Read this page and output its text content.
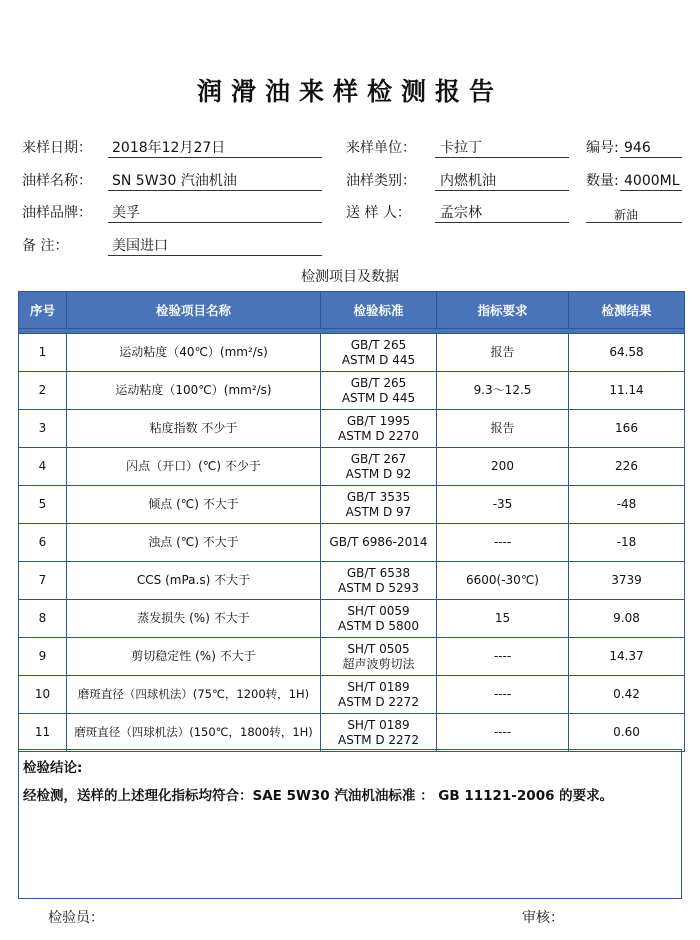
润滑油来样检测报告
来样日期： 2018年12月27日	来样单位： 卡拉丁	编号: 946
油样名称： SN 5W30 汽油机油	油样类别： 内燃机油	数量: 4000ML
油样品牌： 美孚	送 样 人： 孟宗林	新油
备 注：	美国进口
检测项目及数据
序号	检验项目名称	检验标准	指标要求	检测结果

1	运动粘度（40℃）(mm²/s)	GB/T 265
ASTM D 445	报告	64.58
2	运动粘度（100℃）(mm²/s)	GB/T 265
ASTM D 445	9.3～12.5	11.14
3	粘度指数 不少于	GB/T 1995
ASTM D 2270	报告	166
4	闪点（开口）(℃) 不少于	GB/T 267
ASTM D 92	200	226
5	倾点 (℃) 不大于	GB/T 3535
ASTM D 97	-35	-48
6	浊点 (℃) 不大于	GB/T 6986-2014	----	-18
7	CCS (mPa.s) 不大于	GB/T 6538
ASTM D 5293	6600(-30℃)	3739
8	蒸发损失 (%) 不大于	SH/T 0059
ASTM D 5800	15	9.08
9	剪切稳定性 (%) 不大于	SH/T 0505
超声波剪切法	----	14.37
10	磨斑直径（四球机法）(75℃，1200转，1H)	SH/T 0189
ASTM D 2272	----	0.42
11	磨斑直径（四球机法）(150℃，1800转，1H)	SH/T 0189
ASTM D 2272	----	0.60
检验结论:
经检测，送样的上述理化指标均符合：SAE 5W30 汽油机油标准 ： GB 11121-2006 的要求。
检验员：	审核：
